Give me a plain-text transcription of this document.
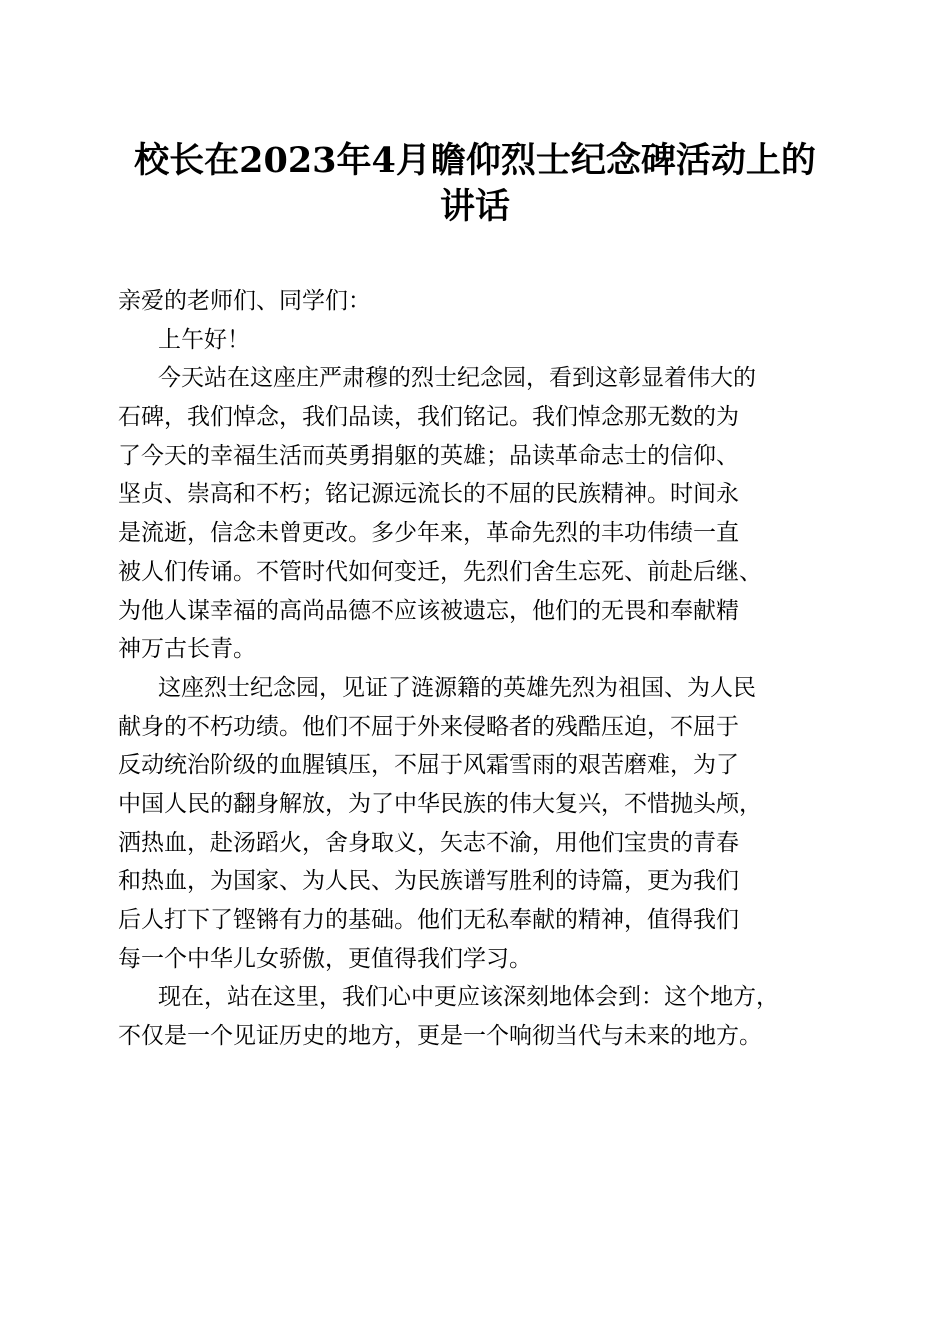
校长在2023年4月瞻仰烈士纪念碑活动上的
讲话
亲爱的老师们、同学们：
上午好！
今天站在这座庄严肃穆的烈士纪念园，看到这彰显着伟大的
石碑，我们悼念，我们品读，我们铭记。我们悼念那无数的为
了今天的幸福生活而英勇捐躯的英雄；品读革命志士的信仰、
坚贞、崇高和不朽；铭记源远流长的不屈的民族精神。时间永
是流逝，信念未曾更改。多少年来，革命先烈的丰功伟绩一直
被人们传诵。不管时代如何变迁，先烈们舍生忘死、前赴后继、
为他人谋幸福的高尚品德不应该被遗忘，他们的无畏和奉献精
神万古长青。
这座烈士纪念园，见证了涟源籍的英雄先烈为祖国、为人民
献身的不朽功绩。他们不屈于外来侵略者的残酷压迫，不屈于
反动统治阶级的血腥镇压，不屈于风霜雪雨的艰苦磨难，为了
中国人民的翻身解放，为了中华民族的伟大复兴，不惜抛头颅，
洒热血，赴汤蹈火，舍身取义，矢志不渝，用他们宝贵的青春
和热血，为国家、为人民、为民族谱写胜利的诗篇，更为我们
后人打下了铿锵有力的基础。他们无私奉献的精神，值得我们
每一个中华儿女骄傲，更值得我们学习。
现在，站在这里，我们心中更应该深刻地体会到：这个地方，
不仅是一个见证历史的地方，更是一个响彻当代与未来的地方。
